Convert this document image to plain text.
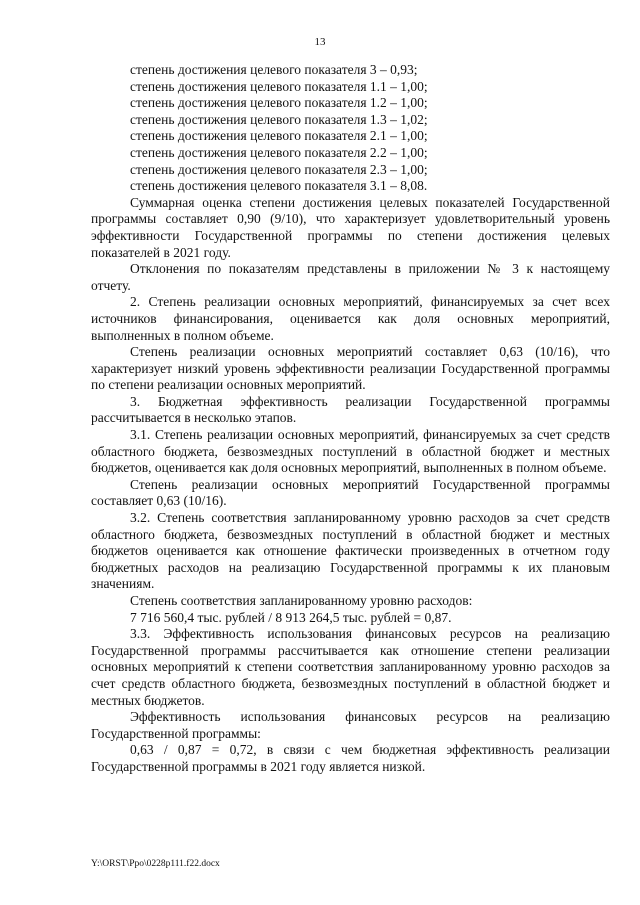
13

степень достижения целевого показателя 3 – 0,93;

степень достижения целевого показателя 1.1 – 1,00;

степень достижения целевого показателя 1.2 – 1,00;

степень достижения целевого показателя 1.3 – 1,02;

степень достижения целевого показателя 2.1 – 1,00;

степень достижения целевого показателя 2.2 – 1,00;

степень достижения целевого показателя 2.3 – 1,00;

степень достижения целевого показателя 3.1 – 8,08.

Суммарная оценка степени достижения целевых показателей Государственной программы составляет 0,90 (9/10), что характеризует удовлетворительный уровень эффективности Государственной программы по степени достижения целевых показателей в 2021 году.

Отклонения по показателям представлены в приложении № 3 к настоящему отчету.

2. Степень реализации основных мероприятий, финансируемых за счет всех источников финансирования, оценивается как доля основных мероприятий, выполненных в полном объеме.

Степень реализации основных мероприятий составляет 0,63 (10/16), что характеризует низкий уровень эффективности реализации Государственной программы по степени реализации основных мероприятий.

3. Бюджетная эффективность реализации Государственной программы рассчитывается в несколько этапов.

3.1. Степень реализации основных мероприятий, финансируемых за счет средств областного бюджета, безвозмездных поступлений в областной бюджет и местных бюджетов, оценивается как доля основных мероприятий, выполненных в полном объеме.

Степень реализации основных мероприятий Государственной программы составляет 0,63 (10/16).

3.2. Степень соответствия запланированному уровню расходов за счет средств областного бюджета, безвозмездных поступлений в областной бюджет и местных бюджетов оценивается как отношение фактически произведенных в отчетном году бюджетных расходов на реализацию Государственной программы к их плановым значениям.

Степень соответствия запланированному уровню расходов:

7 716 560,4 тыс. рублей / 8 913 264,5 тыс. рублей = 0,87.

3.3. Эффективность использования финансовых ресурсов на реализацию Государственной программы рассчитывается как отношение степени реализации основных мероприятий к степени соответствия запланированному уровню расходов за счет средств областного бюджета, безвозмездных поступлений в областной бюджет и местных бюджетов.

Эффективность использования финансовых ресурсов на реализацию Государственной программы:

0,63 / 0,87 = 0,72, в связи с чем бюджетная эффективность реализации Государственной программы в 2021 году является низкой.

Y:\ORST\Ppo\0228p111.f22.docx
